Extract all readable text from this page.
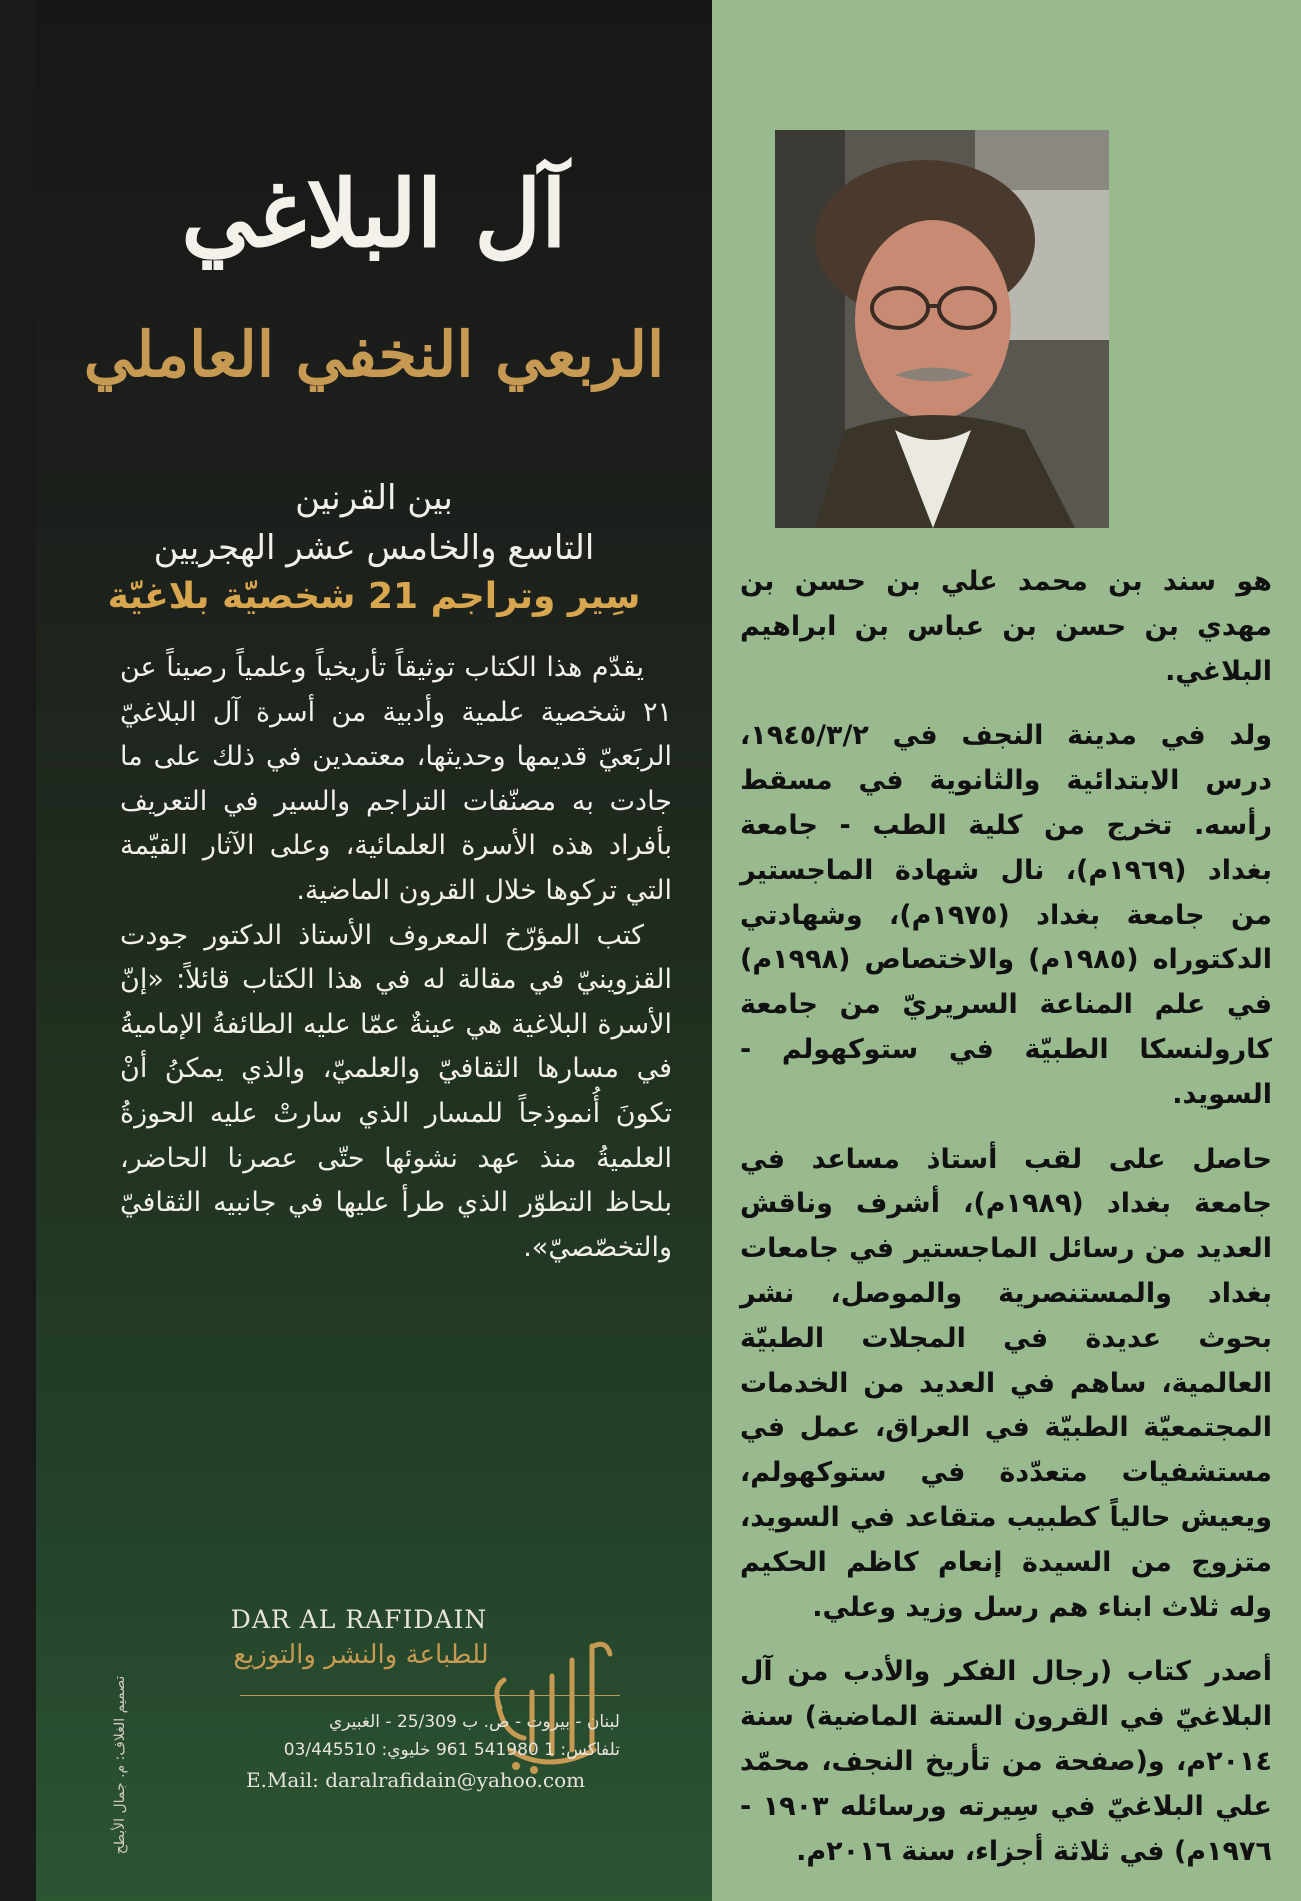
آل البلاغي
الربعي النخفي العاملي
بين القرنين
التاسع والخامس عشر الهجريين
سِير وتراجم 21 شخصيّة بلاغيّة

يقدّم هذا الكتاب توثيقاً تأريخياً وعلمياً رصيناً عن ٢١ شخصية علمية وأدبية من أسرة آل البلاغيّ الربَعيّ قديمها وحديثها، معتمدين في ذلك على ما جادت به مصنّفات التراجم والسير في التعريف بأفراد هذه الأسرة العلمائية، وعلى الآثار القيّمة التي تركوها خلال القرون الماضية.

كتب المؤرّخ المعروف الأستاذ الدكتور جودت القزوينيّ في مقالة له في هذا الكتاب قائلاً: «إنّ الأسرة البلاغية هي عينةٌ عمّا عليه الطائفةُ الإماميةُ في مسارها الثقافيّ والعلميّ، والذي يمكنُ أنْ تكونَ أُنموذجاً للمسار الذي سارتْ عليه الحوزةُ العلميةُ منذ عهد نشوئها حتّى عصرنا الحاضر، بلحاظ التطوّر الذي طرأ عليها في جانبيه الثقافيّ والتخصّصيّ».

DAR AL RAFIDAIN
للطباعة والنشر والتوزيع
لبنان - بيروت - ص. ب 25/309 - الغبيري
تلفاكس: 1 541980 961 خليوي: 03/445510
E.Mail: daralrafidain@yahoo.com
تصميم الغلاف: م. جمال الأبطح

هو سند بن محمد علي بن حسن بن مهدي بن حسن بن عباس بن ابراهيم البلاغي.

ولد في مدينة النجف في ١٩٤٥/٣/٢، درس الابتدائية والثانوية في مسقط رأسه. تخرج من كلية الطب - جامعة بغداد (١٩٦٩م)، نال شهادة الماجستير من جامعة بغداد (١٩٧٥م)، وشهادتي الدكتوراه (١٩٨٥م) والاختصاص (١٩٩٨م) في علم المناعة السريريّ من جامعة كارولنسكا الطبيّة في ستوكهولم - السويد.

حاصل على لقب أستاذ مساعد في جامعة بغداد (١٩٨٩م)، أشرف وناقش العديد من رسائل الماجستير في جامعات بغداد والمستنصرية والموصل، نشر بحوث عديدة في المجلات الطبيّة العالمية، ساهم في العديد من الخدمات المجتمعيّة الطبيّة في العراق، عمل في مستشفيات متعدّدة في ستوكهولم، ويعيش حالياً كطبيب متقاعد في السويد، متزوج من السيدة إنعام كاظم الحكيم وله ثلاث ابناء هم رسل وزيد وعلي.

أصدر كتاب (رجال الفكر والأدب من آل البلاغيّ في القرون الستة الماضية) سنة ٢٠١٤م، و(صفحة من تأريخ النجف، محمّد علي البلاغيّ في سِيرته ورسائله ١٩٠٣ - ١٩٧٦م) في ثلاثة أجزاء، سنة ٢٠١٦م.
